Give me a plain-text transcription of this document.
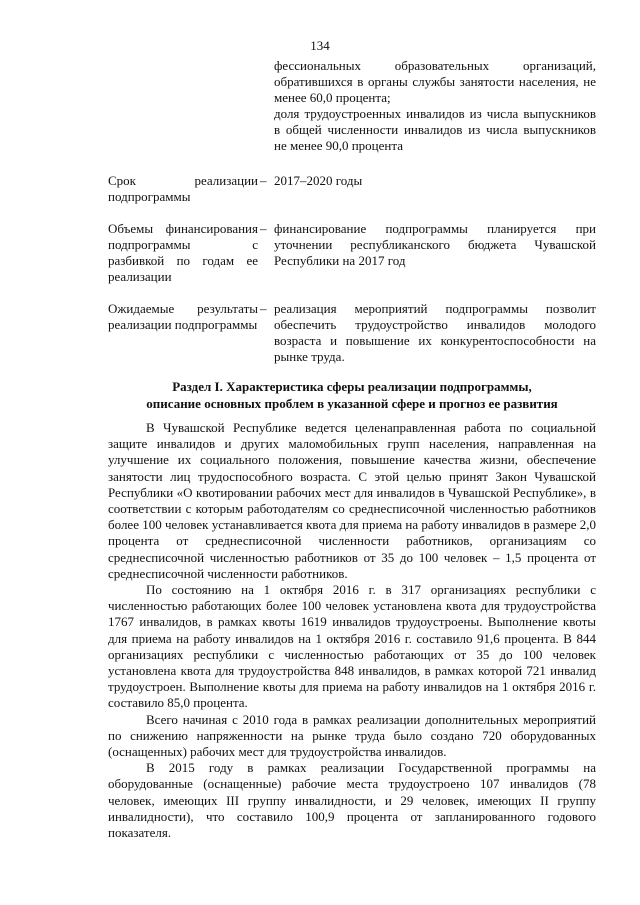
134

фессиональных образовательных организаций, обратившихся в органы службы занятости населения, не менее 60,0 процента;

доля трудоустроенных инвалидов из числа выпускников в общей численности инвалидов из числа выпускников не менее 90,0 процента

Срок реализации подпрограммы
– 2017–2020 годы
Объемы финансирования подпрограммы с разбивкой по годам ее реализации
– финансирование подпрограммы планируется при уточнении республиканского бюджета Чувашской Республики на 2017 год
Ожидаемые результаты реализации подпрограммы
– реализация мероприятий подпрограммы позволит обеспечить трудоустройство инвалидов молодого возраста и повышение их конкурентоспособности на рынке труда.
Раздел I. Характеристика сферы реализации подпрограммы,
описание основных проблем в указанной сфере и прогноз ее развития

В Чувашской Республике ведется целенаправленная работа по социальной защите инвалидов и других маломобильных групп населения, направленная на улучшение их социального положения, повышение качества жизни, обеспечение занятости лиц трудоспособного возраста. С этой целью принят Закон Чувашской Республики «О квотировании рабочих мест для инвалидов в Чувашской Республике», в соответствии с которым работодателям со среднесписочной численностью работников более 100 человек устанавливается квота для приема на работу инвалидов в размере 2,0 процента от среднесписочной численности работников, организациям со среднесписочной численностью работников от 35 до 100 человек – 1,5 процента от среднесписочной численности работников.

По состоянию на 1 октября 2016 г. в 317 организациях республики с численностью работающих более 100 человек установлена квота для трудоустройства 1767 инвалидов, в рамках квоты 1619 инвалидов трудоустроены. Выполнение квоты для приема на работу инвалидов на 1 октября 2016 г. составило 91,6 процента. В 844 организациях республики с численностью работающих от 35 до 100 человек установлена квота для трудоустройства 848 инвалидов, в рамках которой 721 инвалид трудоустроен. Выполнение квоты для приема на работу инвалидов на 1 октября 2016 г. составило 85,0 процента.

Всего начиная с 2010 года в рамках реализации дополнительных мероприятий по снижению напряженности на рынке труда было создано 720 оборудованных (оснащенных) рабочих мест для трудоустройства инвалидов.

В 2015 году в рамках реализации Государственной программы на оборудованные (оснащенные) рабочие места трудоустроено 107 инвалидов (78 человек, имеющих III группу инвалидности, и 29 человек, имеющих II группу инвалидности), что составило 100,9 процента от запланированного годового показателя.
